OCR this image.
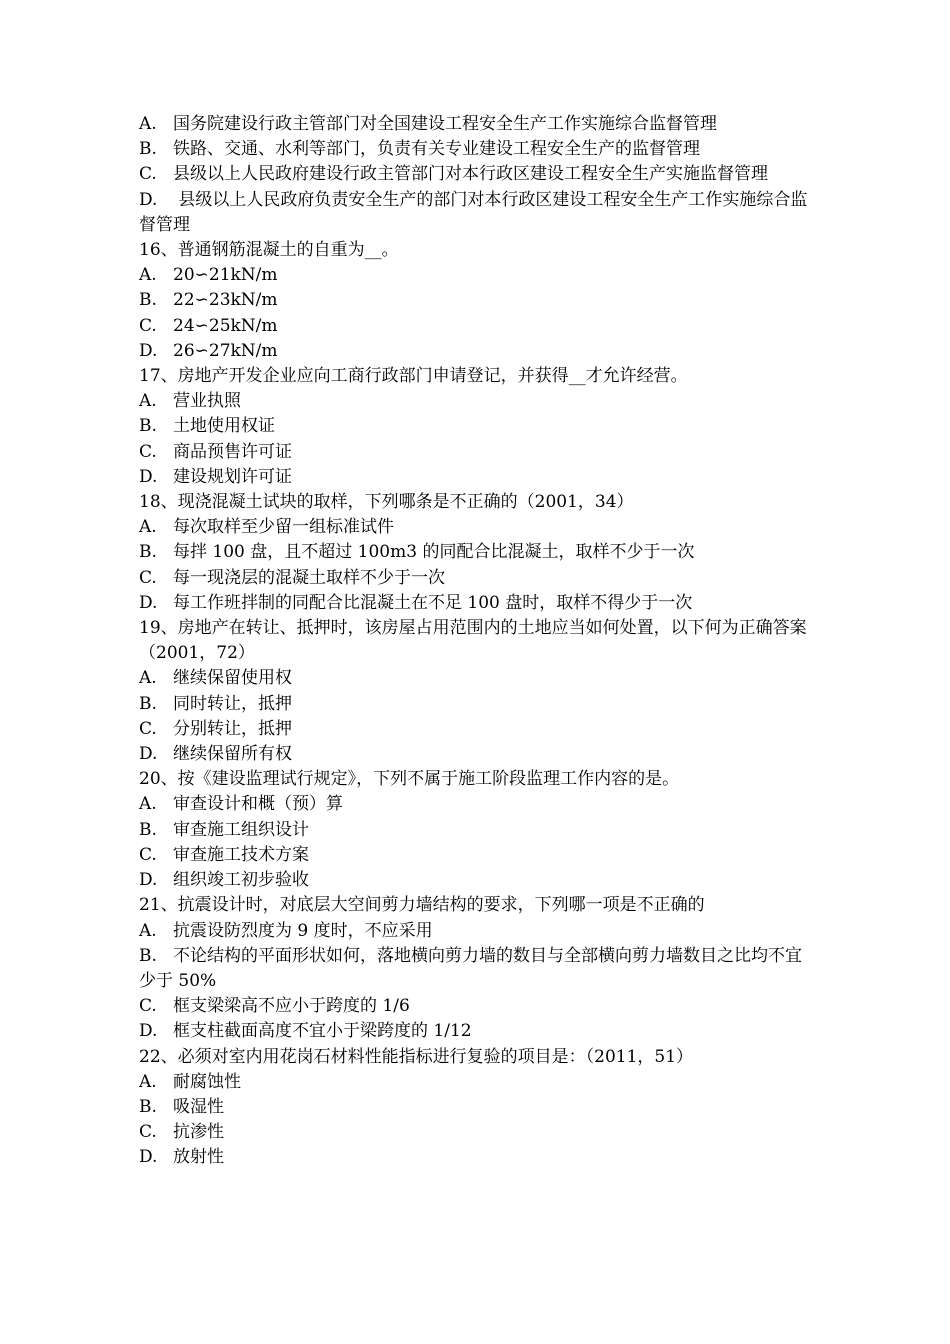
A. 国务院建设行政主管部门对全国建设工程安全生产工作实施综合监督管理
B. 铁路、交通、水利等部门，负责有关专业建设工程安全生产的监督管理
C. 县级以上人民政府建设行政主管部门对本行政区建设工程安全生产实施监督管理
D. 县级以上人民政府负责安全生产的部门对本行政区建设工程安全生产工作实施综合监督管理
16、普通钢筋混凝土的自重为__。
A. 20∽21kN/m
B. 22∽23kN/m
C. 24∽25kN/m
D. 26∽27kN/m
17、房地产开发企业应向工商行政部门申请登记，并获得__才允许经营。
A. 营业执照
B. 土地使用权证
C. 商品预售许可证
D. 建设规划许可证
18、现浇混凝土试块的取样，下列哪条是不正确的（2001，34）
A. 每次取样至少留一组标准试件
B. 每拌 100 盘，且不超过 100m3 的同配合比混凝土，取样不少于一次
C. 每一现浇层的混凝土取样不少于一次
D. 每工作班拌制的同配合比混凝土在不足 100 盘时，取样不得少于一次
19、房地产在转让、抵押时，该房屋占用范围内的土地应当如何处置，以下何为正确答案（2001，72）
A. 继续保留使用权
B. 同时转让，抵押
C. 分别转让，抵押
D. 继续保留所有权
20、按《建设监理试行规定》，下列不属于施工阶段监理工作内容的是。
A. 审查设计和概（预）算
B. 审查施工组织设计
C. 审查施工技术方案
D. 组织竣工初步验收
21、抗震设计时，对底层大空间剪力墙结构的要求，下列哪一项是不正确的
A. 抗震设防烈度为 9 度时，不应采用
B. 不论结构的平面形状如何，落地横向剪力墙的数目与全部横向剪力墙数目之比均不宜少于 50%
C. 框支梁梁高不应小于跨度的 1/6
D. 框支柱截面高度不宜小于梁跨度的 1/12
22、必须对室内用花岗石材料性能指标进行复验的项目是：（2011，51）
A. 耐腐蚀性
B. 吸湿性
C. 抗渗性
D. 放射性
